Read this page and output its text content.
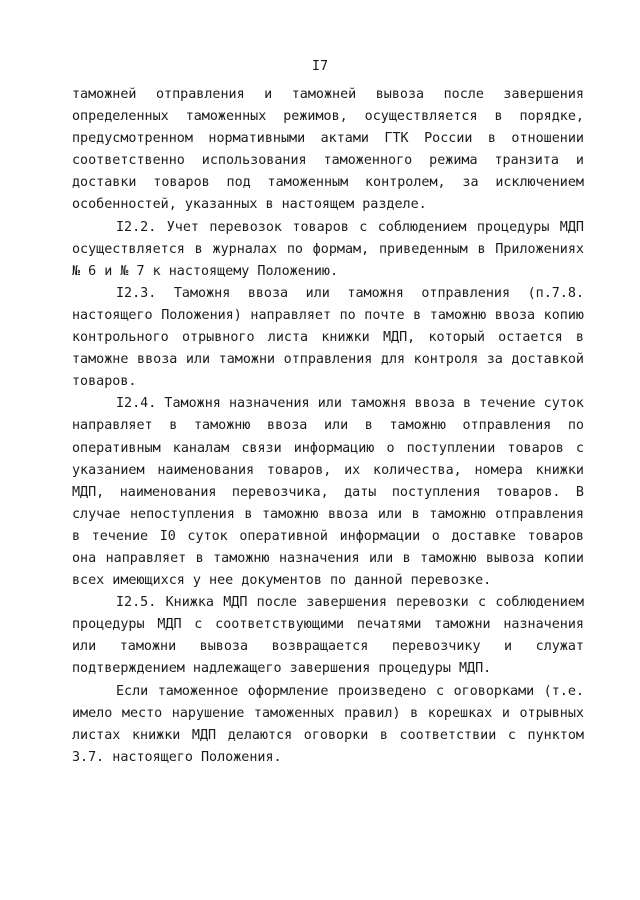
I7

таможней отправления и таможней вывоза после завершения определенных таможенных режимов, осуществляется в порядке, предусмотренном нормативными актами ГТК России в отношении соответственно использования таможенного режима транзита и доставки товаров под таможенным контролем, за исключением особенностей, указанных в настоящем разделе.

I2.2. Учет перевозок товаров с соблюдением процедуры МДП осуществляется в журналах по формам, приведенным в Приложениях № 6 и № 7 к настоящему Положению.

I2.3. Таможня ввоза или таможня отправления (п.7.8. настоящего Положения) направляет по почте в таможню ввоза копию контрольного отрывного листа книжки МДП, который остается в таможне ввоза или таможни отправления для контроля за доставкой товаров.

I2.4. Таможня назначения или таможня ввоза в течение суток направляет в таможню ввоза или в таможню отправления по оперативным каналам связи информацию о поступлении товаров с указанием наименования товаров, их количества, номера книжки МДП, наименования перевозчика, даты поступления товаров. В случае непоступления в таможню ввоза или в таможню отправления в течение I0 суток оперативной информации о доставке товаров она направляет в таможню назначения или в таможню вывоза копии всех имеющихся у нее документов по данной перевозке.

I2.5. Книжка МДП после завершения перевозки с соблюдением процедуры МДП с соответствующими печатями таможни назначения или таможни вывоза возвращается перевозчику и служат подтверждением надлежащего завершения процедуры МДП.

Если таможенное оформление произведено с оговорками (т.е. имело место нарушение таможенных правил) в корешках и отрывных листах книжки МДП делаются оговорки в соответствии с пунктом 3.7. настоящего Положения.
